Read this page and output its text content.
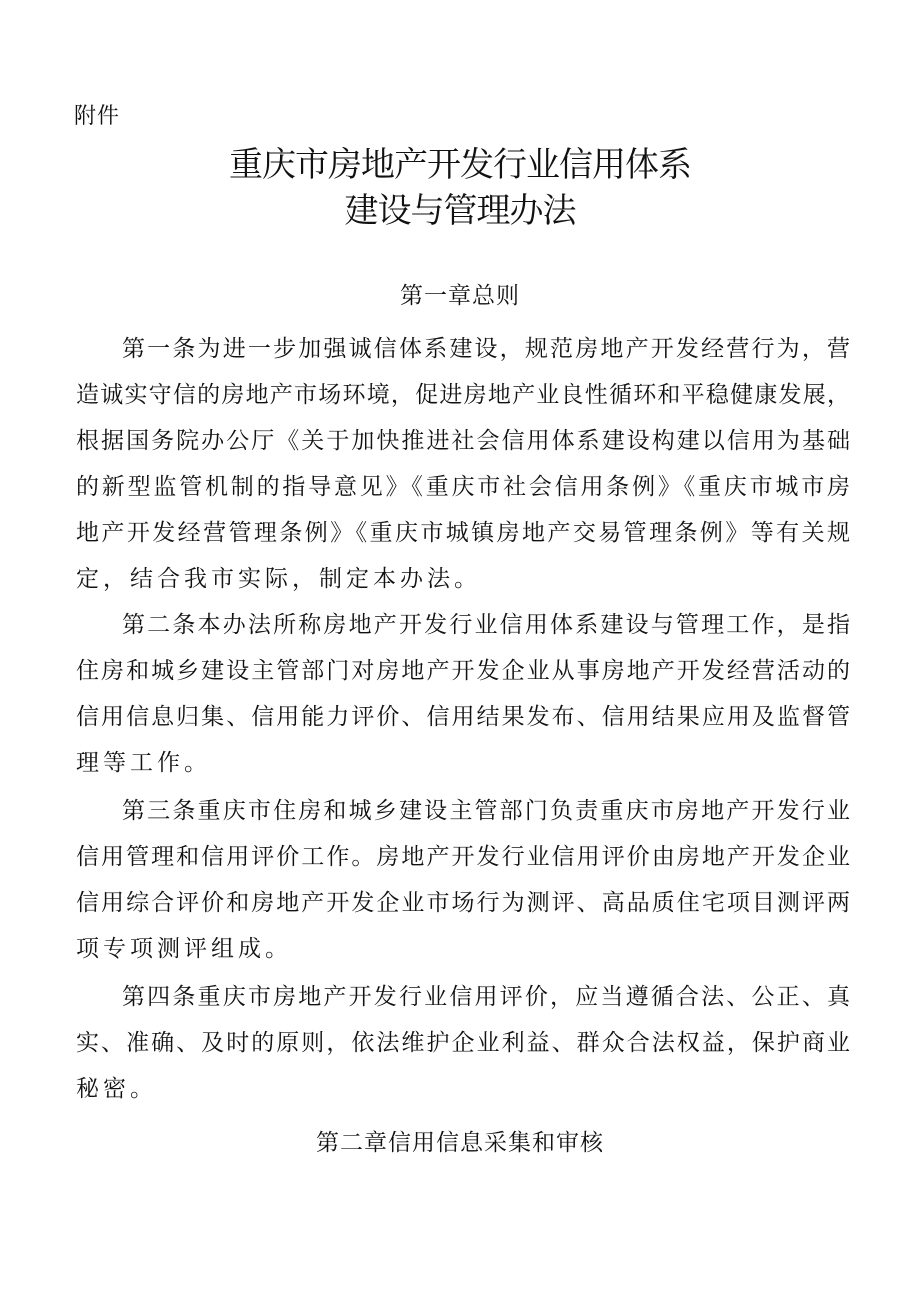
附件
重庆市房地产开发行业信用体系
建设与管理办法
第一章总则
第一条为进一步加强诚信体系建设，规范房地产开发经营行为，营
造诚实守信的房地产市场环境，促进房地产业良性循环和平稳健康发展，
根据国务院办公厅《关于加快推进社会信用体系建设构建以信用为基础
的新型监管机制的指导意见》《重庆市社会信用条例》《重庆市城市房
地产开发经营管理条例》《重庆市城镇房地产交易管理条例》等有关规
定，结合我市实际，制定本办法。
第二条本办法所称房地产开发行业信用体系建设与管理工作，是指
住房和城乡建设主管部门对房地产开发企业从事房地产开发经营活动的
信用信息归集、信用能力评价、信用结果发布、信用结果应用及监督管
理等工作。
第三条重庆市住房和城乡建设主管部门负责重庆市房地产开发行业
信用管理和信用评价工作。房地产开发行业信用评价由房地产开发企业
信用综合评价和房地产开发企业市场行为测评、高品质住宅项目测评两
项专项测评组成。
第四条重庆市房地产开发行业信用评价，应当遵循合法、公正、真
实、准确、及时的原则，依法维护企业利益、群众合法权益，保护商业
秘密。
第二章信用信息采集和审核
